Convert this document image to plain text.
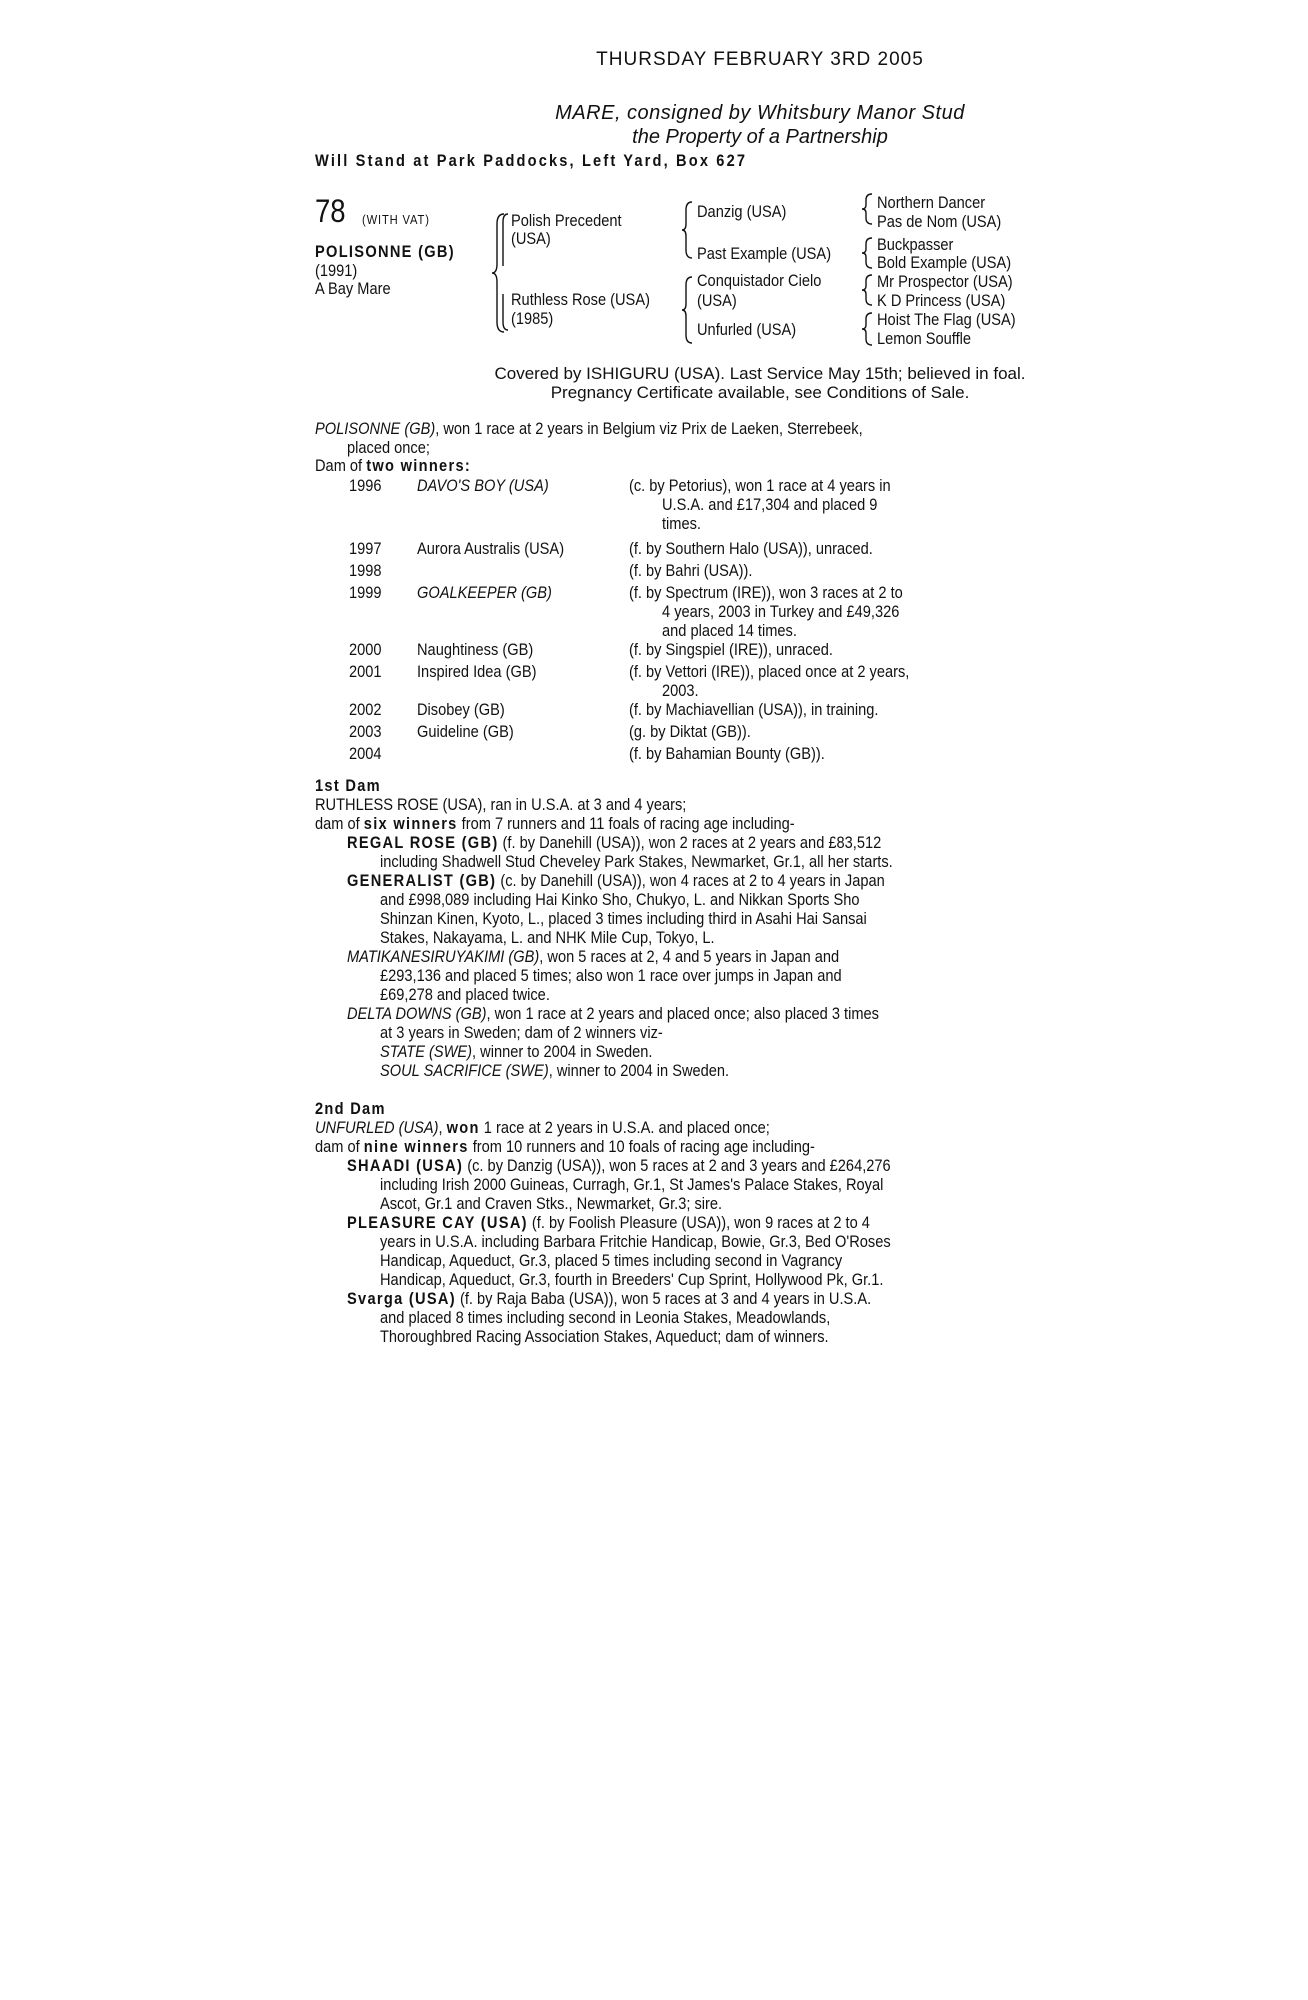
THURSDAY FEBRUARY 3RD 2005
MARE, consigned by Whitsbury Manor Stud
the Property of a Partnership
Will Stand at Park Paddocks, Left Yard, Box 627
78 (WITH VAT)
POLISONNE (GB)
(1991)
A Bay Mare
Polish Precedent
(USA)
Ruthless Rose (USA)
(1985)
Danzig (USA)
Past Example (USA)
Conquistador Cielo
(USA)
Unfurled (USA)
Northern Dancer
Pas de Nom (USA)
Buckpasser
Bold Example (USA)
Mr Prospector (USA)
K D Princess (USA)
Hoist The Flag (USA)
Lemon Souffle
Covered by ISHIGURU (USA). Last Service May 15th; believed in foal.
Pregnancy Certificate available, see Conditions of Sale.
POLISONNE (GB), won 1 race at 2 years in Belgium viz Prix de Laeken, Sterrebeek,
placed once;
Dam of two winners:
1996 DAVO'S BOY (USA)	(c. by Petorius), won 1 race at 4 years in
U.S.A. and £17,304 and placed 9
times.
1997 Aurora Australis (USA)	(f. by Southern Halo (USA)), unraced.
1998	(f. by Bahri (USA)).
1999 GOALKEEPER (GB)	(f. by Spectrum (IRE)), won 3 races at 2 to
4 years, 2003 in Turkey and £49,326
and placed 14 times.
2000 Naughtiness (GB)	(f. by Singspiel (IRE)), unraced.
2001 Inspired Idea (GB)	(f. by Vettori (IRE)), placed once at 2 years,
2003.
2002 Disobey (GB)	(f. by Machiavellian (USA)), in training.
2003 Guideline (GB)	(g. by Diktat (GB)).
2004	(f. by Bahamian Bounty (GB)).
1st Dam
RUTHLESS ROSE (USA), ran in U.S.A. at 3 and 4 years;
dam of six winners from 7 runners and 11 foals of racing age including-
REGAL ROSE (GB) (f. by Danehill (USA)), won 2 races at 2 years and £83,512
including Shadwell Stud Cheveley Park Stakes, Newmarket, Gr.1, all her starts.
GENERALIST (GB) (c. by Danehill (USA)), won 4 races at 2 to 4 years in Japan
and £998,089 including Hai Kinko Sho, Chukyo, L. and Nikkan Sports Sho
Shinzan Kinen, Kyoto, L., placed 3 times including third in Asahi Hai Sansai
Stakes, Nakayama, L. and NHK Mile Cup, Tokyo, L.
MATIKANESIRUYAKIMI (GB), won 5 races at 2, 4 and 5 years in Japan and
£293,136 and placed 5 times; also won 1 race over jumps in Japan and
£69,278 and placed twice.
DELTA DOWNS (GB), won 1 race at 2 years and placed once; also placed 3 times
at 3 years in Sweden; dam of 2 winners viz-
STATE (SWE), winner to 2004 in Sweden.
SOUL SACRIFICE (SWE), winner to 2004 in Sweden.
2nd Dam
UNFURLED (USA), won 1 race at 2 years in U.S.A. and placed once;
dam of nine winners from 10 runners and 10 foals of racing age including-
SHAADI (USA) (c. by Danzig (USA)), won 5 races at 2 and 3 years and £264,276
including Irish 2000 Guineas, Curragh, Gr.1, St James's Palace Stakes, Royal
Ascot, Gr.1 and Craven Stks., Newmarket, Gr.3; sire.
PLEASURE CAY (USA) (f. by Foolish Pleasure (USA)), won 9 races at 2 to 4
years in U.S.A. including Barbara Fritchie Handicap, Bowie, Gr.3, Bed O'Roses
Handicap, Aqueduct, Gr.3, placed 5 times including second in Vagrancy
Handicap, Aqueduct, Gr.3, fourth in Breeders' Cup Sprint, Hollywood Pk, Gr.1.
Svarga (USA) (f. by Raja Baba (USA)), won 5 races at 3 and 4 years in U.S.A.
and placed 8 times including second in Leonia Stakes, Meadowlands,
Thoroughbred Racing Association Stakes, Aqueduct; dam of winners.
